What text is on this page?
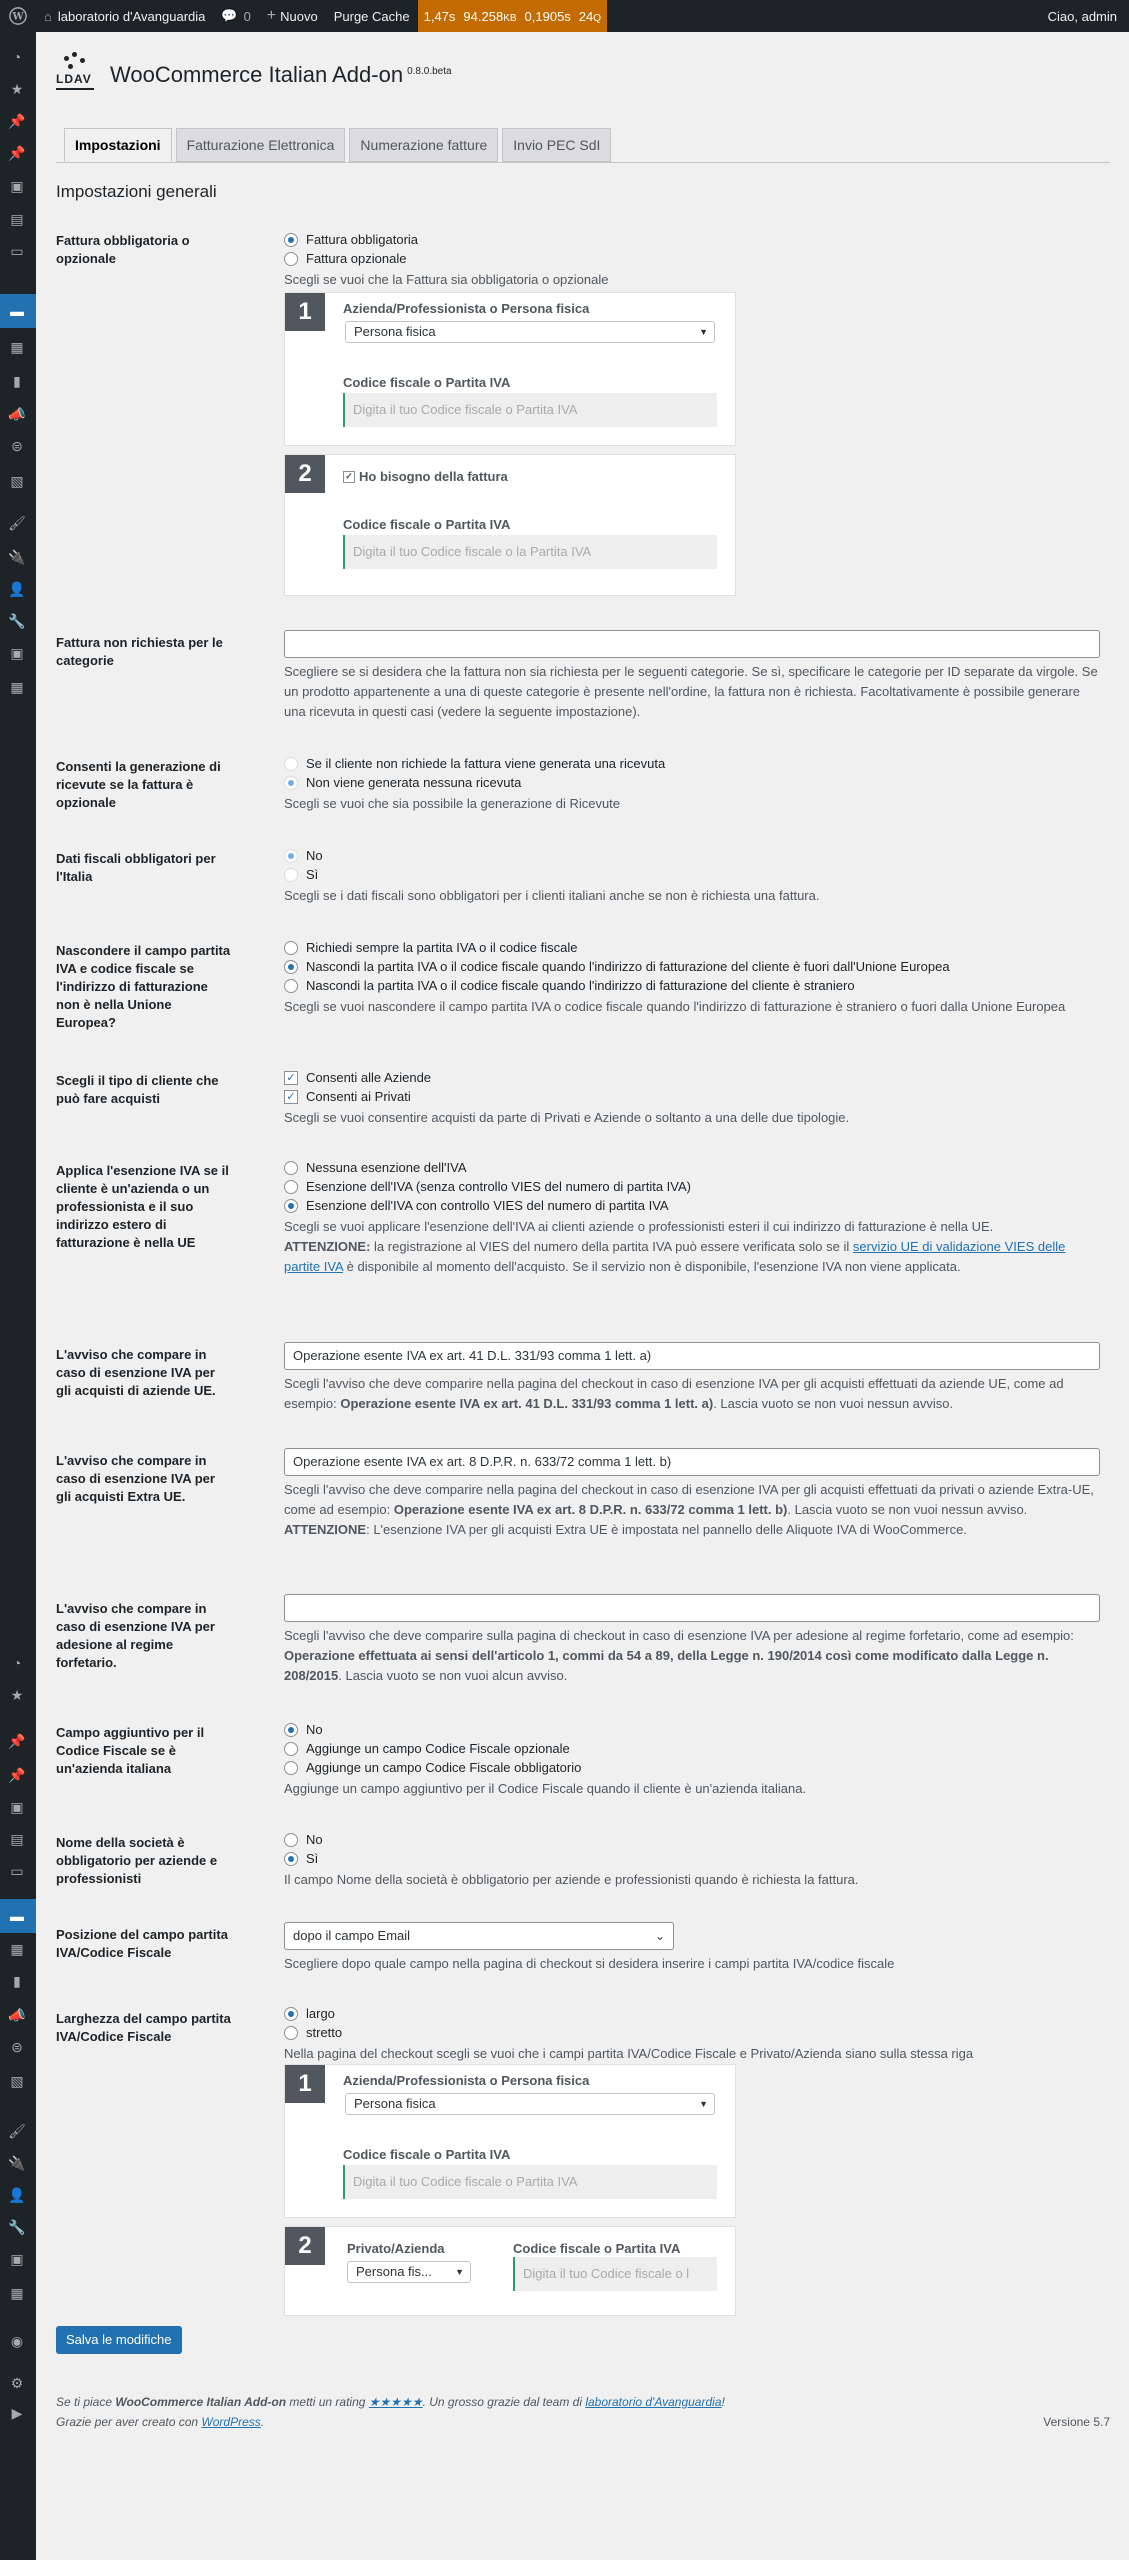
W ⌂ laboratorio d'Avanguardia 💬 0 + Nuovo	Purge Cache	1,47s 94.258KB 0,1905s 24Q	Ciao, admin
◔
★
📌
📌
▣
▤
▭
▬
▦
▮
📣
⊜
▧
🖌
🔌
👤
🔧
▣
▦
◔
★
📌
📌
▣
▤
▭
▬
▦
▮
📣
⊜
▧
🖌
🔌
👤
🔧
▣
▦
◉
⚙
▶
LDAV WooCommerce Italian Add-on $^{0.8.0.beta}$
Impostazioni	Fatturazione Elettronica	Numerazione fatture	Invio PEC SdI
Impostazioni generali
Fattura obbligatoria o opzionale
Fattura obbligatoria
Fattura opzionale
Scegli se vuoi che la Fattura sia obbligatoria o opzionale
1	Azienda/Professionista o Persona fisica
Persona fisica	▼
Codice fiscale o Partita IVA
Digita il tuo Codice fiscale o Partita IVA
2	✓ Ho bisogno della fattura
Codice fiscale o Partita IVA
Digita il tuo Codice fiscale o la Partita IVA
Fattura non richiesta per le categorie
Scegliere se si desidera che la fattura non sia richiesta per le seguenti categorie. Se sì, specificare le categorie per ID separate da virgole. Se un prodotto appartenente a una di queste categorie è presente nell'ordine, la fattura non è richiesta. Facoltativamente è possibile generare una ricevuta in questi casi (vedere la seguente impostazione).
Consenti la generazione di ricevute se la fattura è opzionale
Se il cliente non richiede la fattura viene generata una ricevuta
Non viene generata nessuna ricevuta
Scegli se vuoi che sia possibile la generazione di Ricevute
Dati fiscali obbligatori per l'Italia
No
Sì
Scegli se i dati fiscali sono obbligatori per i clienti italiani anche se non è richiesta una fattura.
Nascondere il campo partita IVA e codice fiscale se l'indirizzo di fatturazione non è nella Unione Europea?
Richiedi sempre la partita IVA o il codice fiscale
Nascondi la partita IVA o il codice fiscale quando l'indirizzo di fatturazione del cliente è fuori dall'Unione Europea
Nascondi la partita IVA o il codice fiscale quando l'indirizzo di fatturazione del cliente è straniero
Scegli se vuoi nascondere il campo partita IVA o codice fiscale quando l'indirizzo di fatturazione è straniero o fuori dalla Unione Europea
Scegli il tipo di cliente che può fare acquisti
✓ Consenti alle Aziende
✓ Consenti ai Privati
Scegli se vuoi consentire acquisti da parte di Privati e Aziende o soltanto a una delle due tipologie.
Applica l'esenzione IVA se il cliente è un'azienda o un professionista e il suo indirizzo estero di fatturazione è nella UE
Nessuna esenzione dell'IVA
Esenzione dell'IVA (senza controllo VIES del numero di partita IVA)
Esenzione dell'IVA con controllo VIES del numero di partita IVA
Scegli se vuoi applicare l'esenzione dell'IVA ai clienti aziende o professionisti esteri il cui indirizzo di fatturazione è nella UE.
ATTENZIONE: la registrazione al VIES del numero della partita IVA può essere verificata solo se il servizio UE di validazione VIES delle partite IVA è disponibile al momento dell'acquisto. Se il servizio non è disponibile, l'esenzione IVA non viene applicata.
L'avviso che compare in caso di esenzione IVA per gli acquisti di aziende UE.
Operazione esente IVA ex art. 41 D.L. 331/93 comma 1 lett. a)
Scegli l'avviso che deve comparire nella pagina del checkout in caso di esenzione IVA per gli acquisti effettuati da aziende UE, come ad esempio: Operazione esente IVA ex art. 41 D.L. 331/93 comma 1 lett. a). Lascia vuoto se non vuoi nessun avviso.
L'avviso che compare in caso di esenzione IVA per gli acquisti Extra UE.
Operazione esente IVA ex art. 8 D.P.R. n. 633/72 comma 1 lett. b)
Scegli l'avviso che deve comparire nella pagina del checkout in caso di esenzione IVA per gli acquisti effettuati da privati o aziende Extra-UE, come ad esempio: Operazione esente IVA ex art. 8 D.P.R. n. 633/72 comma 1 lett. b). Lascia vuoto se non vuoi nessun avviso.
ATTENZIONE: L'esenzione IVA per gli acquisti Extra UE è impostata nel pannello delle Aliquote IVA di WooCommerce.
L'avviso che compare in caso di esenzione IVA per adesione al regime forfetario.
Scegli l'avviso che deve comparire sulla pagina di checkout in caso di esenzione IVA per adesione al regime forfetario, come ad esempio: Operazione effettuata ai sensi dell'articolo 1, commi da 54 a 89, della Legge n. 190/2014 così come modificato dalla Legge n. 208/2015. Lascia vuoto se non vuoi alcun avviso.
Campo aggiuntivo per il Codice Fiscale se è un'azienda italiana
No
Aggiunge un campo Codice Fiscale opzionale
Aggiunge un campo Codice Fiscale obbligatorio
Aggiunge un campo aggiuntivo per il Codice Fiscale quando il cliente è un'azienda italiana.
Nome della società è obbligatorio per aziende e professionisti
No
Sì
Il campo Nome della società è obbligatorio per aziende e professionisti quando è richiesta la fattura.
Posizione del campo partita IVA/Codice Fiscale
dopo il campo Email	⌄
Scegliere dopo quale campo nella pagina di checkout si desidera inserire i campi partita IVA/codice fiscale
Larghezza del campo partita IVA/Codice Fiscale
largo
stretto
Nella pagina del checkout scegli se vuoi che i campi partita IVA/Codice Fiscale e Privato/Azienda siano sulla stessa riga
1	Azienda/Professionista o Persona fisica
Persona fisica	▼
Codice fiscale o Partita IVA
Digita il tuo Codice fiscale o Partita IVA
2	Privato/Azienda
Persona fis...	▼
Codice fiscale o Partita IVA
Digita il tuo Codice fiscale o l
Salva le modifiche
Se ti piace WooCommerce Italian Add-on metti un rating ★★★★★. Un grosso grazie dal team di laboratorio d'Avanguardia!
Grazie per aver creato con WordPress.	Versione 5.7
